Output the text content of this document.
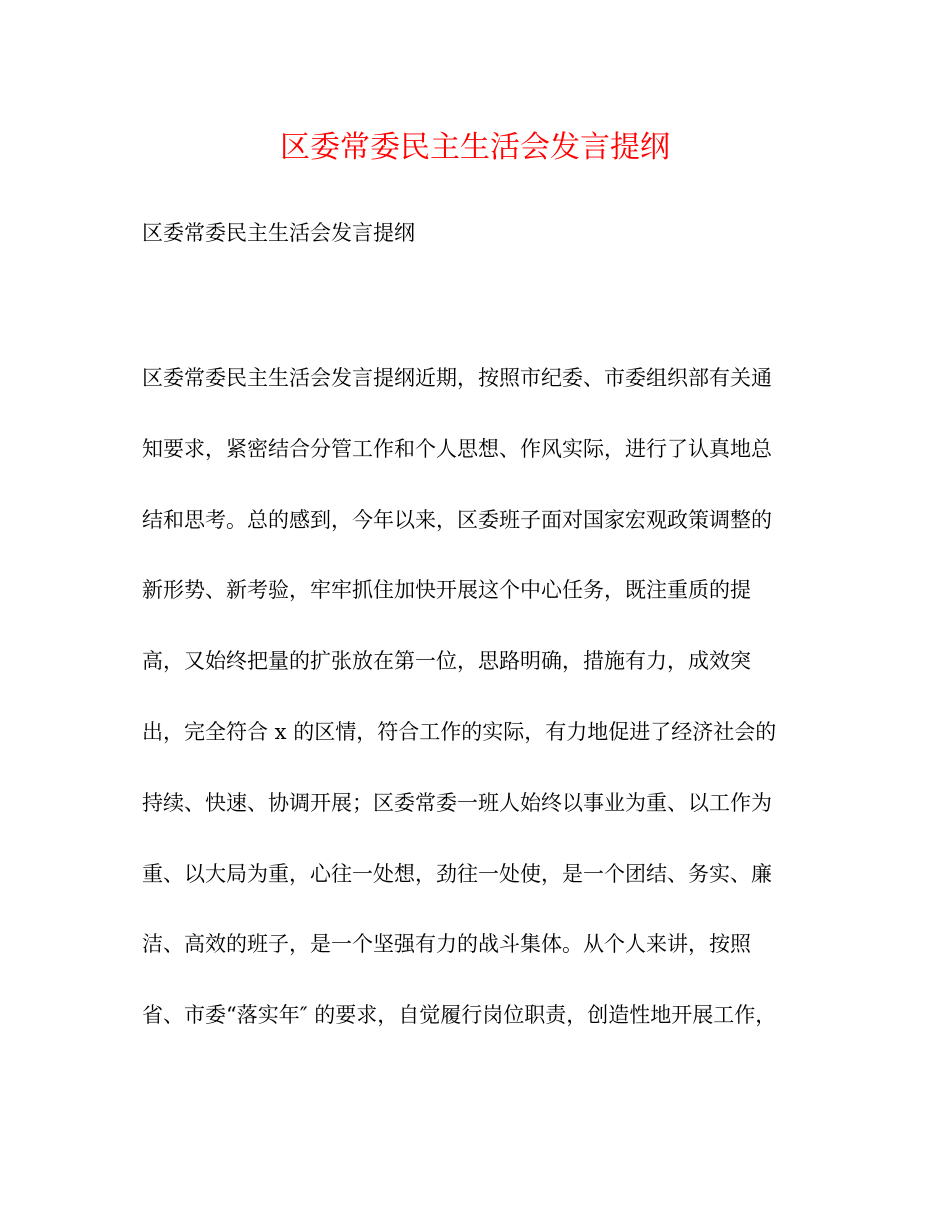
区委常委民主生活会发言提纲
区委常委民主生活会发言提纲
区委常委民主生活会发言提纲近期，按照市纪委、市委组织部有关通
知要求，紧密结合分管工作和个人思想、作风实际，进行了认真地总
结和思考。总的感到，今年以来，区委班子面对国家宏观政策调整的
新形势、新考验，牢牢抓住加快开展这个中心任务，既注重质的提
高，又始终把量的扩张放在第一位，思路明确，措施有力，成效突
出，完全符合 x 的区情，符合工作的实际，有力地促进了经济社会的
持续、快速、协调开展；区委常委一班人始终以事业为重、以工作为
重、以大局为重，心往一处想，劲往一处使，是一个团结、务实、廉
洁、高效的班子，是一个坚强有力的战斗集体。从个人来讲，按照
省、市委“落实年″ 的要求，自觉履行岗位职责，创造性地开展工作，
